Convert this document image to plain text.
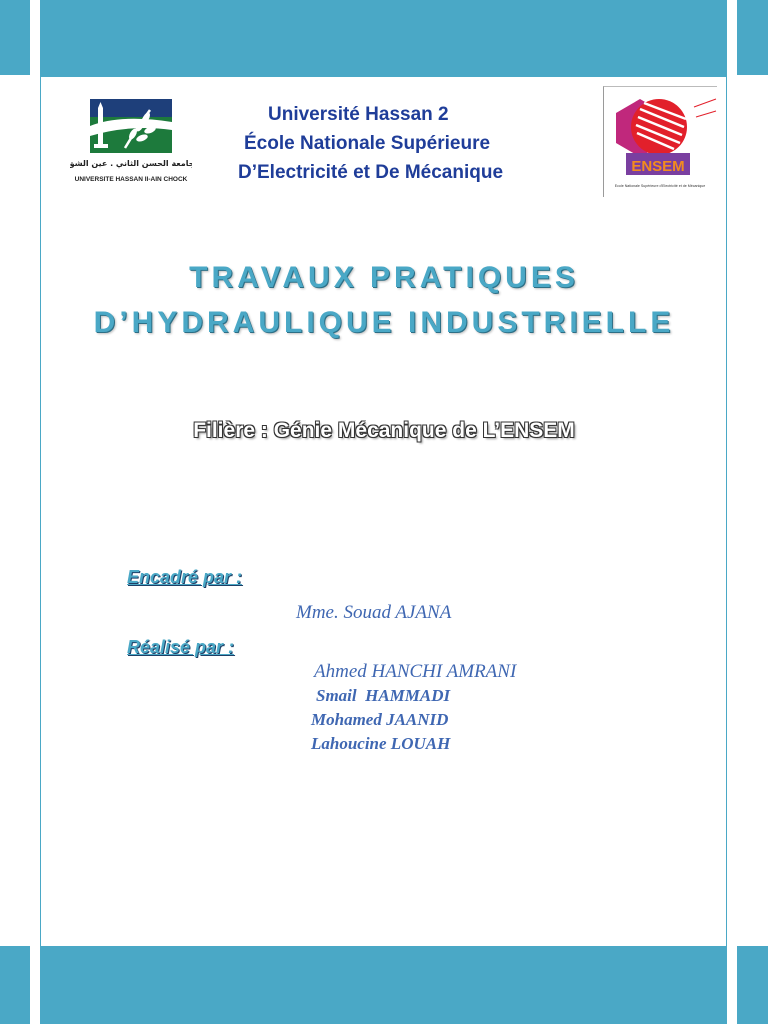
جامعة الحسن الثاني . عين الشق
UNIVERSITE HASSAN II-AIN CHOCK
Université Hassan 2
École Nationale Supérieure
D’Electricité et De Mécanique	ENSEM
Ecole Nationale Supérieure d'Electricité et de Mécanique
TRAVAUX PRATIQUES
D’HYDRAULIQUE INDUSTRIELLE
Filière : Génie Mécanique de L’ENSEM
Encadré par :
Mme. Souad AJANA
Réalisé par :
Ahmed HANCHI AMRANI
Smail  HAMMADI
Mohamed JAANID
Lahoucine LOUAH
